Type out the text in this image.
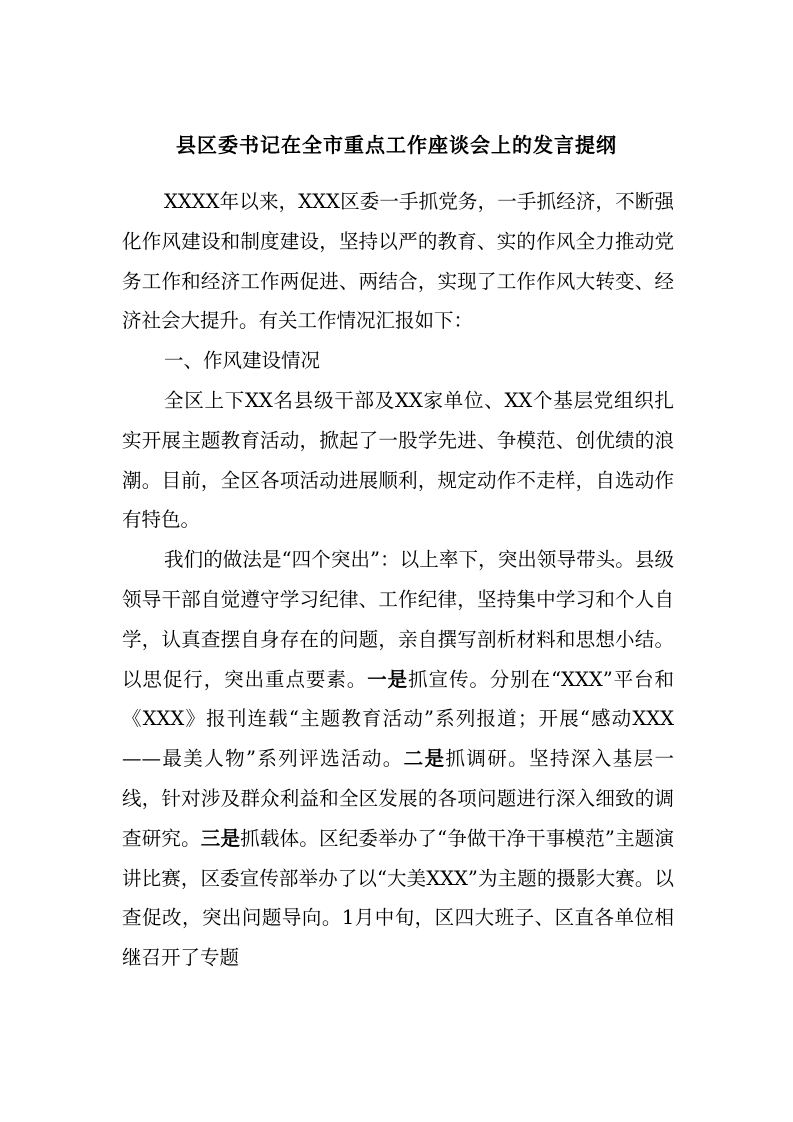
县区委书记在全市重点工作座谈会上的发言提纲

XXXX年以来，XXX区委一手抓党务，一手抓经济，不断强化作风建设和制度建设，坚持以严的教育、实的作风全力推动党务工作和经济工作两促进、两结合，实现了工作作风大转变、经济社会大提升。有关工作情况汇报如下：

一、作风建设情况

全区上下XX名县级干部及XX家单位、XX个基层党组织扎实开展主题教育活动，掀起了一股学先进、争模范、创优绩的浪潮。目前，全区各项活动进展顺利，规定动作不走样，自选动作有特色。

我们的做法是“四个突出”：以上率下，突出领导带头。县级领导干部自觉遵守学习纪律、工作纪律，坚持集中学习和个人自学，认真查摆自身存在的问题，亲自撰写剖析材料和思想小结。以思促行，突出重点要素。一是抓宣传。分别在“XXX”平台和《XXX》报刊连载“主题教育活动”系列报道；开展“感动XXX——最美人物”系列评选活动。二是抓调研。坚持深入基层一线，针对涉及群众利益和全区发展的各项问题进行深入细致的调查研究。三是抓载体。区纪委举办了“争做干净干事模范”主题演讲比赛，区委宣传部举办了以“大美XXX”为主题的摄影大赛。以查促改，突出问题导向。1月中旬，区四大班子、区直各单位相继召开了专题
